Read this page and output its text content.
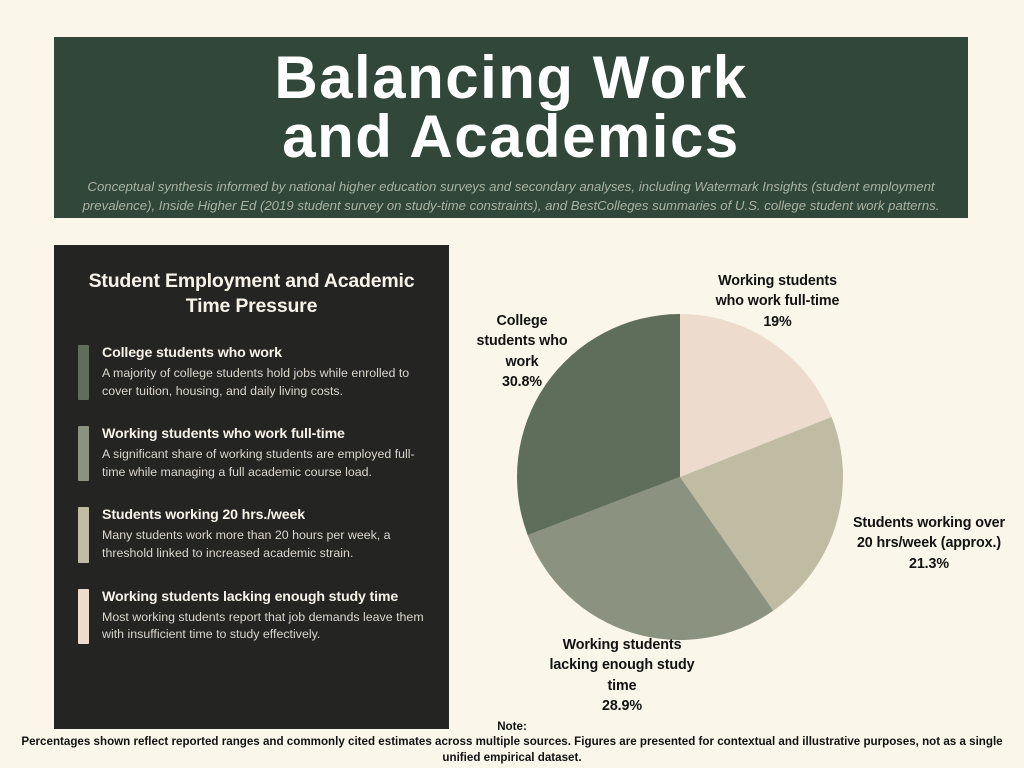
Balancing Work
and Academics
Conceptual synthesis informed by national higher education surveys and secondary analyses, including Watermark Insights (student employment prevalence), Inside Higher Ed (2019 student survey on study-time constraints), and BestColleges summaries of U.S. college student work patterns.
Student Employment and Academic Time Pressure
College students who work
A majority of college students hold jobs while enrolled to cover tuition, housing, and daily living costs.
Working students who work full-time
A significant share of working students are employed full-time while managing a full academic course load.
Students working 20 hrs./week
Many students work more than 20 hours per week, a threshold linked to increased academic strain.
Working students lacking enough study time
Most working students report that job demands leave them with insufficient time to study effectively.
Working students
who work full-time
19%
College
students who
work
30.8%
Students working over
20 hrs/week (approx.)
21.3%
Working students
lacking enough study
time
28.9%
Note:
Percentages shown reflect reported ranges and commonly cited estimates across multiple sources. Figures are presented for contextual and illustrative purposes, not as a single unified empirical dataset.
